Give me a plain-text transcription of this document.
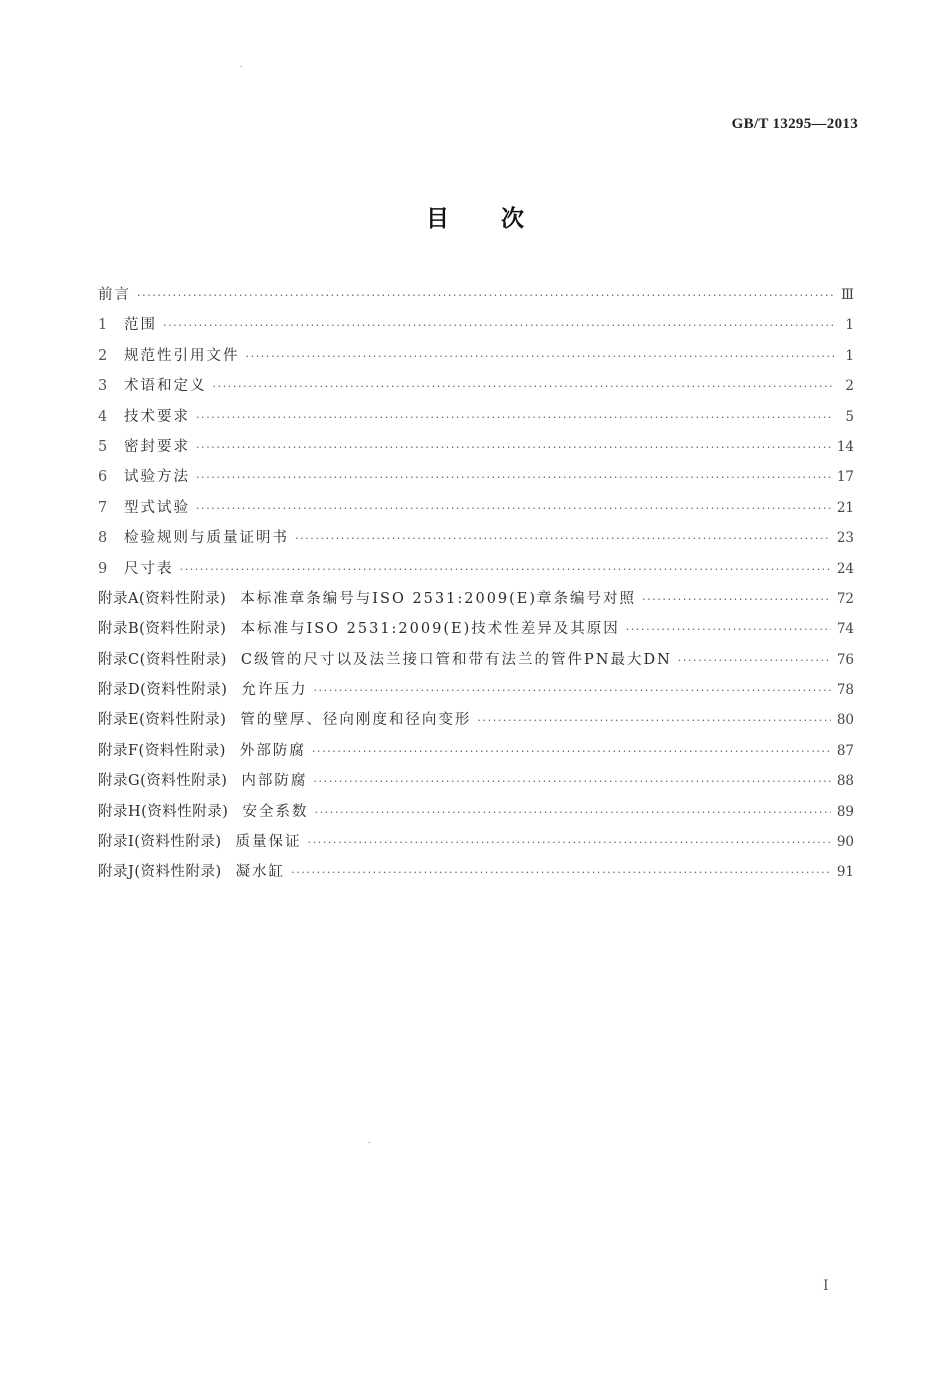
GB/T 13295—2013
目次
前言 ·····	Ⅲ
1	范围 ·····	1
2	规范性引用文件 ·····	1
3	术语和定义 ·····	2
4	技术要求 ·····	5
5	密封要求 ·····	14
6	试验方法 ·····	17
7	型式试验 ·····	21
8	检验规则与质量证明书 ·····	23
9	尺寸表 ·····	24
附录A(资料性附录) 本标准章条编号与ISO 2531:2009(E)章条编号对照 ·····	72
附录B(资料性附录) 本标准与ISO 2531:2009(E)技术性差异及其原因 ·····	74
附录C(资料性附录) C级管的尺寸以及法兰接口管和带有法兰的管件PN最大DN ·····	76
附录D(资料性附录) 允许压力 ·····	78
附录E(资料性附录) 管的壁厚、径向刚度和径向变形 ·····	80
附录F(资料性附录) 外部防腐 ·····	87
附录G(资料性附录) 内部防腐 ·····	88
附录H(资料性附录) 安全系数 ·····	89
附录I(资料性附录) 质量保证 ·····	90
附录J(资料性附录) 凝水缸 ·····	91
Ⅰ
